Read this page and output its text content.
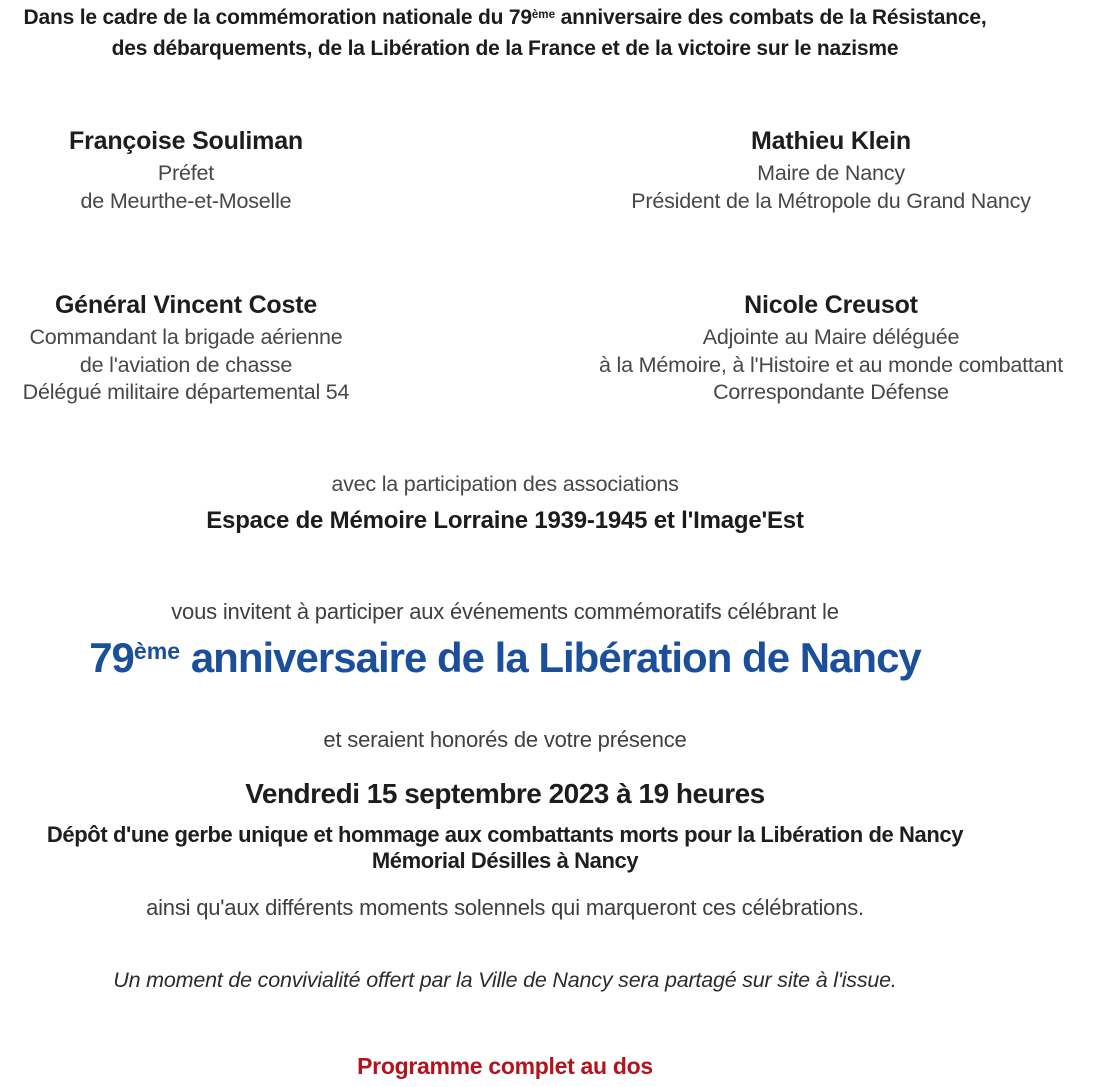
Dans le cadre de la commémoration nationale du 79ème anniversaire des combats de la Résistance,
des débarquements, de la Libération de la France et de la victoire sur le nazisme
Françoise Souliman
Préfet
de Meurthe-et-Moselle
Mathieu Klein
Maire de Nancy
Président de la Métropole du Grand Nancy
Général Vincent Coste
Commandant la brigade aérienne
de l'aviation de chasse
Délégué militaire départemental 54
Nicole Creusot
Adjointe au Maire déléguée
à la Mémoire, à l'Histoire et au monde combattant
Correspondante Défense
avec la participation des associations
Espace de Mémoire Lorraine 1939-1945 et l'Image'Est
vous invitent à participer aux événements commémoratifs célébrant le
79ème anniversaire de la Libération de Nancy
et seraient honorés de votre présence
Vendredi 15 septembre 2023 à 19 heures
Dépôt d'une gerbe unique et hommage aux combattants morts pour la Libération de Nancy
Mémorial Désilles à Nancy
ainsi qu'aux différents moments solennels qui marqueront ces célébrations.
Un moment de convivialité offert par la Ville de Nancy sera partagé sur site à l'issue.
Programme complet au dos
